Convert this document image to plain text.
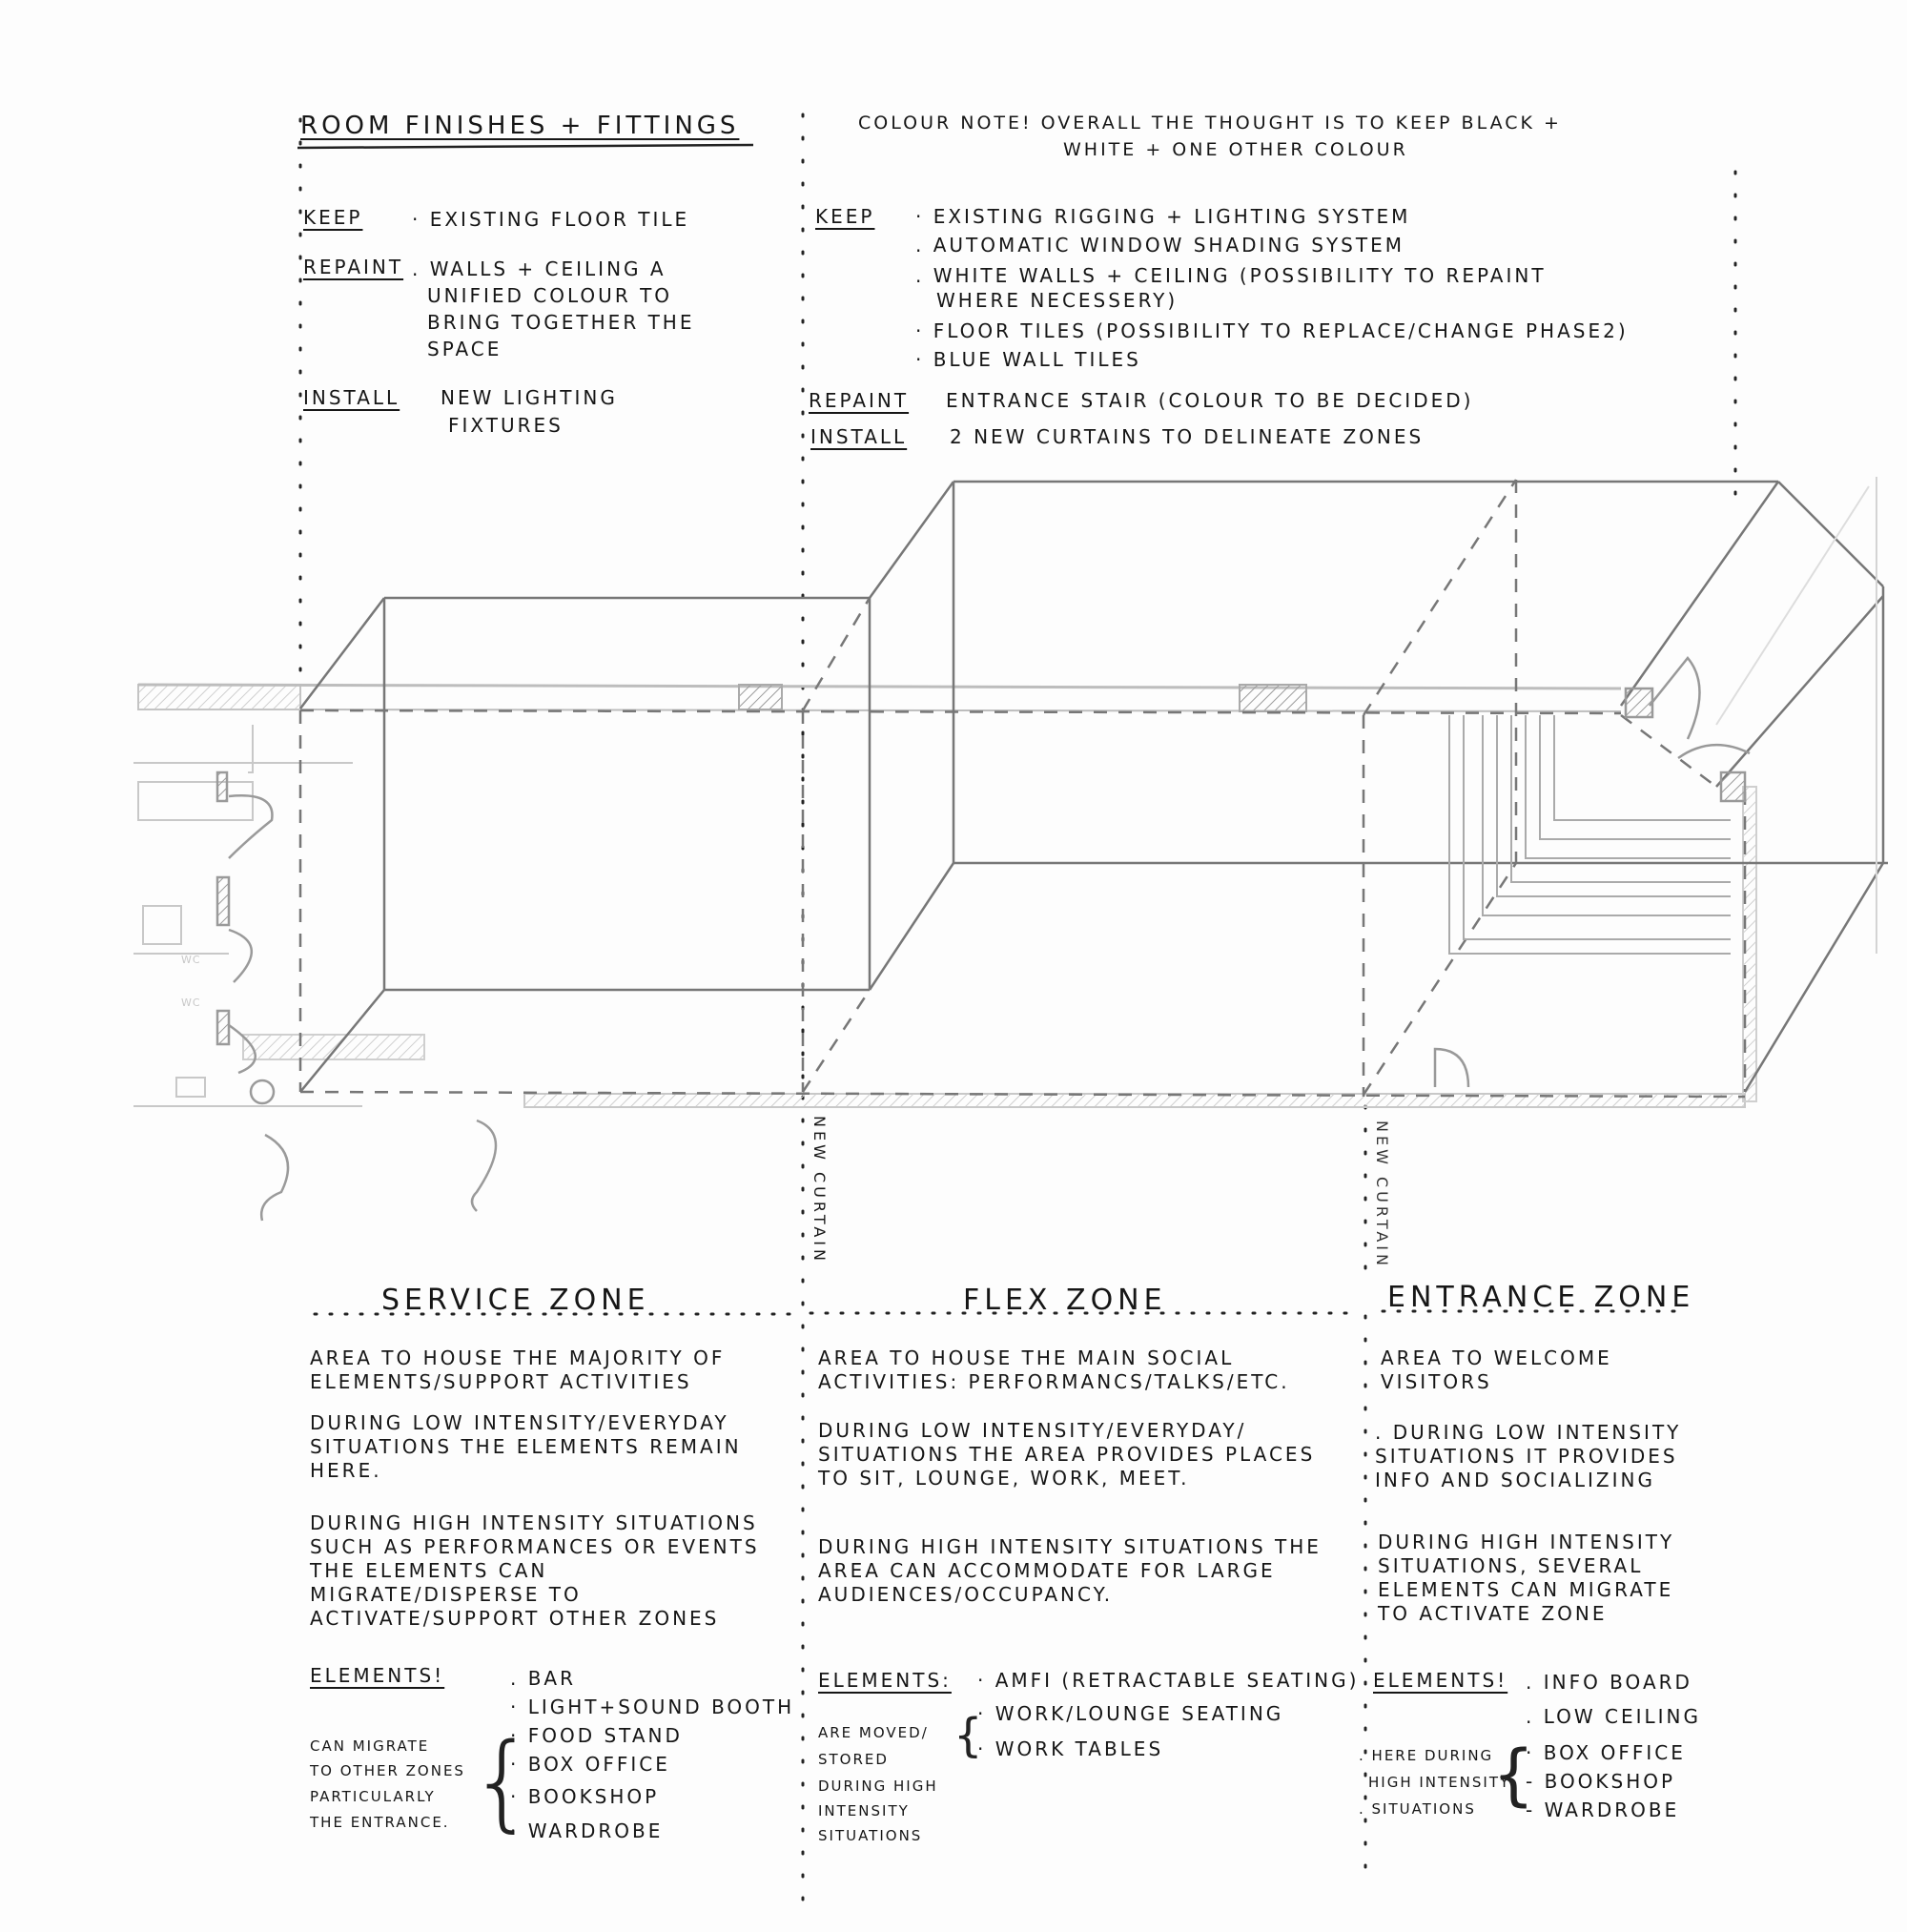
ROOM FINISHES + FITTINGS
KEEP	· EXISTING FLOOR TILE
REPAINT . WALLS + CEILING A
UNIFIED COLOUR TO
BRING TOGETHER THE
SPACE
INSTALL NEW LIGHTING
FIXTURES
COLOUR NOTE! OVERALL THE THOUGHT IS TO KEEP BLACK +
WHITE + ONE OTHER COLOUR
KEEP · EXISTING RIGGING + LIGHTING SYSTEM
. AUTOMATIC WINDOW SHADING SYSTEM
. WHITE WALLS + CEILING (POSSIBILITY TO REPAINT
WHERE NECESSERY)
· FLOOR TILES (POSSIBILITY TO REPLACE/CHANGE PHASE2)
· BLUE WALL TILES
REPAINT ENTRANCE STAIR (COLOUR TO BE DECIDED)
INSTALL 2 NEW CURTAINS TO DELINEATE ZONES
NEW CURTAIN	NEW CURTAIN
WC
WC
SERVICE ZONE
AREA TO HOUSE THE MAJORITY OF ELEMENTS/SUPPORT ACTIVITIES
DURING LOW INTENSITY/EVERYDAY SITUATIONS THE ELEMENTS REMAIN HERE.
DURING HIGH INTENSITY SITUATIONS SUCH AS PERFORMANCES OR EVENTS THE ELEMENTS CAN MIGRATE/DISPERSE TO ACTIVATE/SUPPORT OTHER ZONES
ELEMENTS!	. BAR
· LIGHT+SOUND BOOTH
· FOOD STAND
· BOX OFFICE
· BOOKSHOP
· WARDROBE
CAN MIGRATE
TO OTHER ZONES
PARTICULARLY
THE ENTRANCE. {
FLEX ZONE
AREA TO HOUSE THE MAIN SOCIAL ACTIVITIES: PERFORMANCS/TALKS/ETC.
DURING LOW INTENSITY/EVERYDAY/ SITUATIONS THE AREA PROVIDES PLACES TO SIT, LOUNGE, WORK, MEET.
DURING HIGH INTENSITY SITUATIONS THE AREA CAN ACCOMMODATE FOR LARGE AUDIENCES/OCCUPANCY.
ELEMENTS: · AMFI (RETRACTABLE SEATING)
· WORK/LOUNGE SEATING
· WORK TABLES
ARE MOVED/
STORED
DURING HIGH
INTENSITY
SITUATIONS
{
ENTRANCE ZONE
AREA TO WELCOME VISITORS
. DURING LOW INTENSITY SITUATIONS IT PROVIDES INFO AND SOCIALIZING
DURING HIGH INTENSITY SITUATIONS, SEVERAL ELEMENTS CAN MIGRATE TO ACTIVATE ZONE
ELEMENTS! . INFO BOARD
. LOW CEILING
· BOX OFFICE
- BOOKSHOP
- WARDROBE
. HERE DURING
HIGH INTENSITY
. SITUATIONS {
